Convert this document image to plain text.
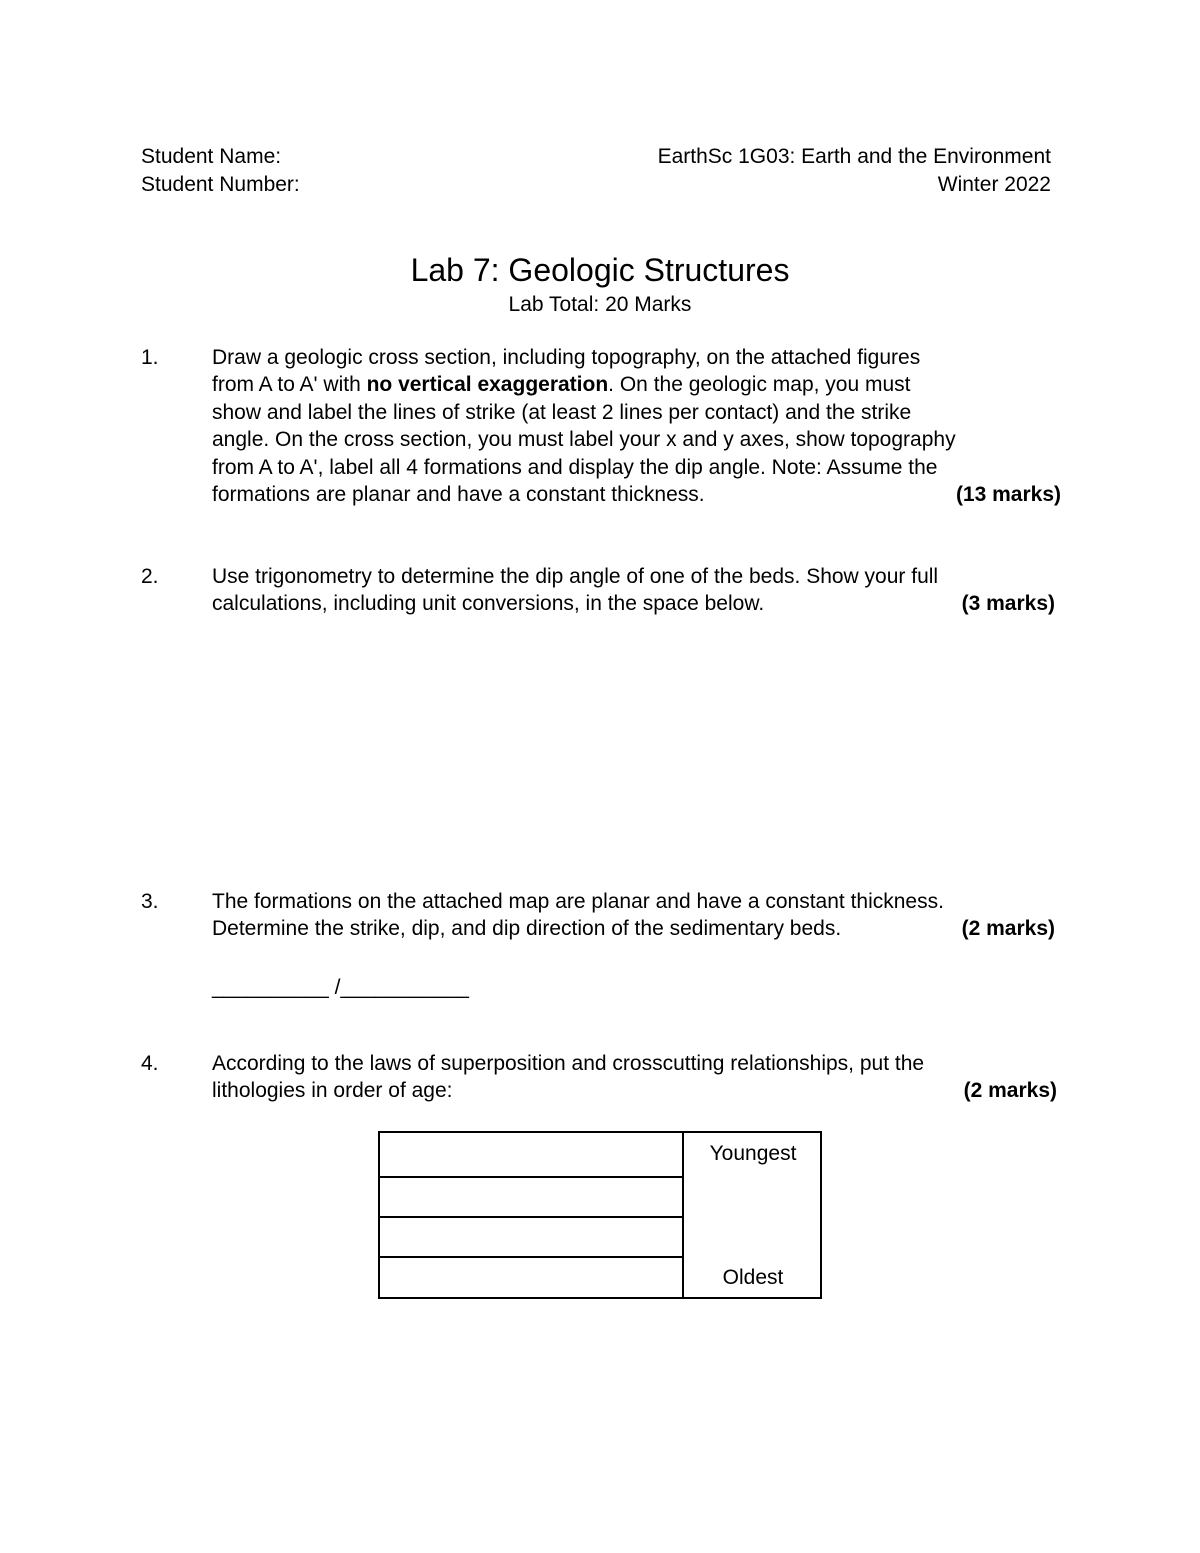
Student Name:
Student Number:
EarthSc 1G03: Earth and the Environment
Winter 2022
Lab 7: Geologic Structures
Lab Total: 20 Marks
1.	Draw a geologic cross section, including topography, on the attached figures
from A to A' with no vertical exaggeration. On the geologic map, you must
show and label the lines of strike (at least 2 lines per contact) and the strike
angle. On the cross section, you must label your x and y axes, show topography
from A to A', label all 4 formations and display the dip angle. Note: Assume the
formations are planar and have a constant thickness.	(13 marks)
2.	Use trigonometry to determine the dip angle of one of the beds. Show your full
calculations, including unit conversions, in the space below.	(3 marks)
3.	The formations on the attached map are planar and have a constant thickness.
Determine the strike, dip, and dip direction of the sedimentary beds.	(2 marks)
__________ /___________
4.	According to the laws of superposition and crosscutting relationships, put the
lithologies in order of age:	(2 marks)
Youngest
Oldest
